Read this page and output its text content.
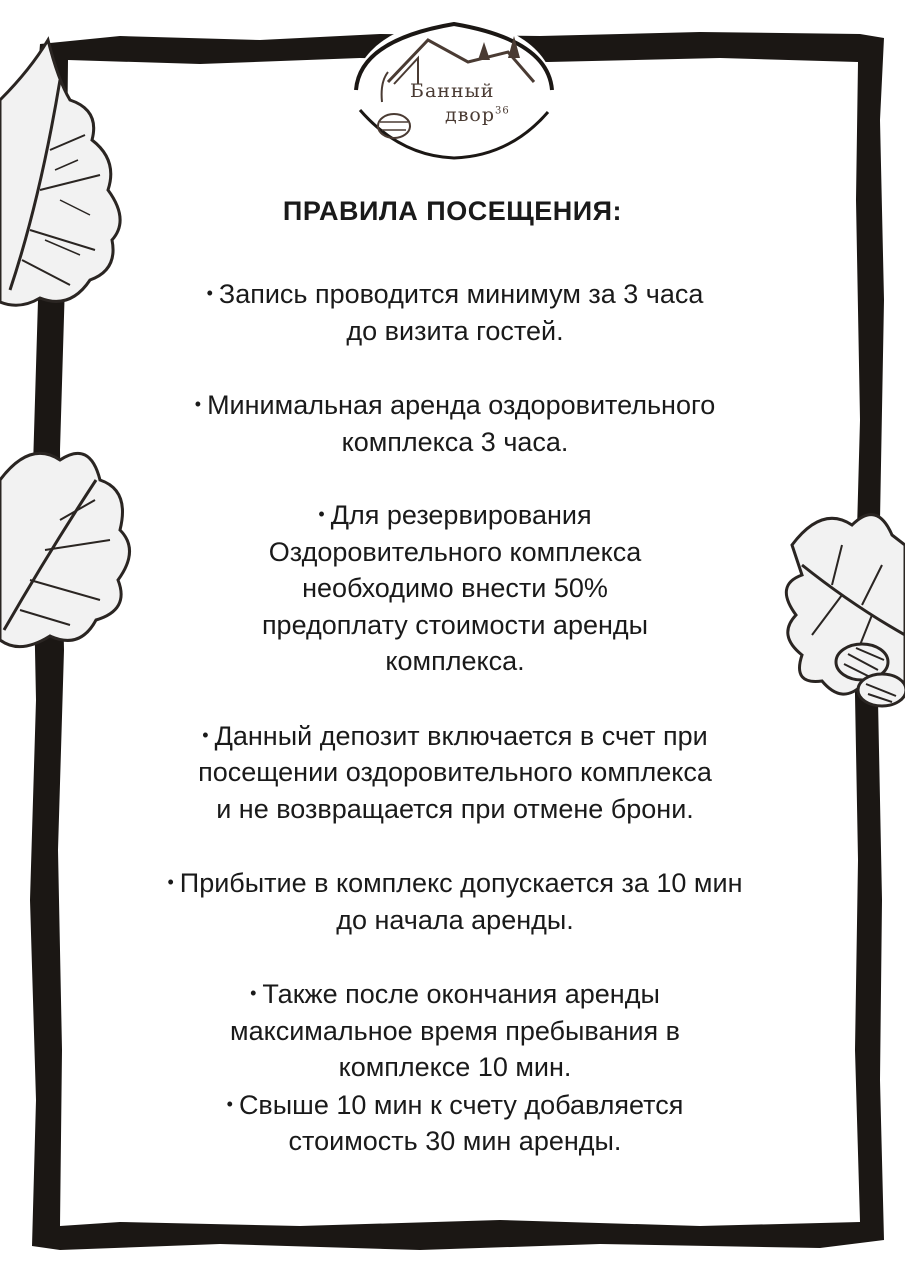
Банный
двор$^{36}$
ПРАВИЛА ПОСЕЩЕНИЯ:
• Запись проводится минимум за 3 часа
до визита гостей.
• Минимальная аренда оздоровительного
комплекса 3 часа.
• Для резервирования
Оздоровительного комплекса
необходимо внести 50%
предоплату стоимости аренды
комплекса.
• Данный депозит включается в счет при
посещении оздоровительного комплекса
и не возвращается при отмене брони.
• Прибытие в комплекс допускается за 10 мин
до начала аренды.
• Также после окончания аренды
максимальное время пребывания в
комплексе 10 мин.
• Свыше 10 мин к счету добавляется
стоимость 30 мин аренды.
